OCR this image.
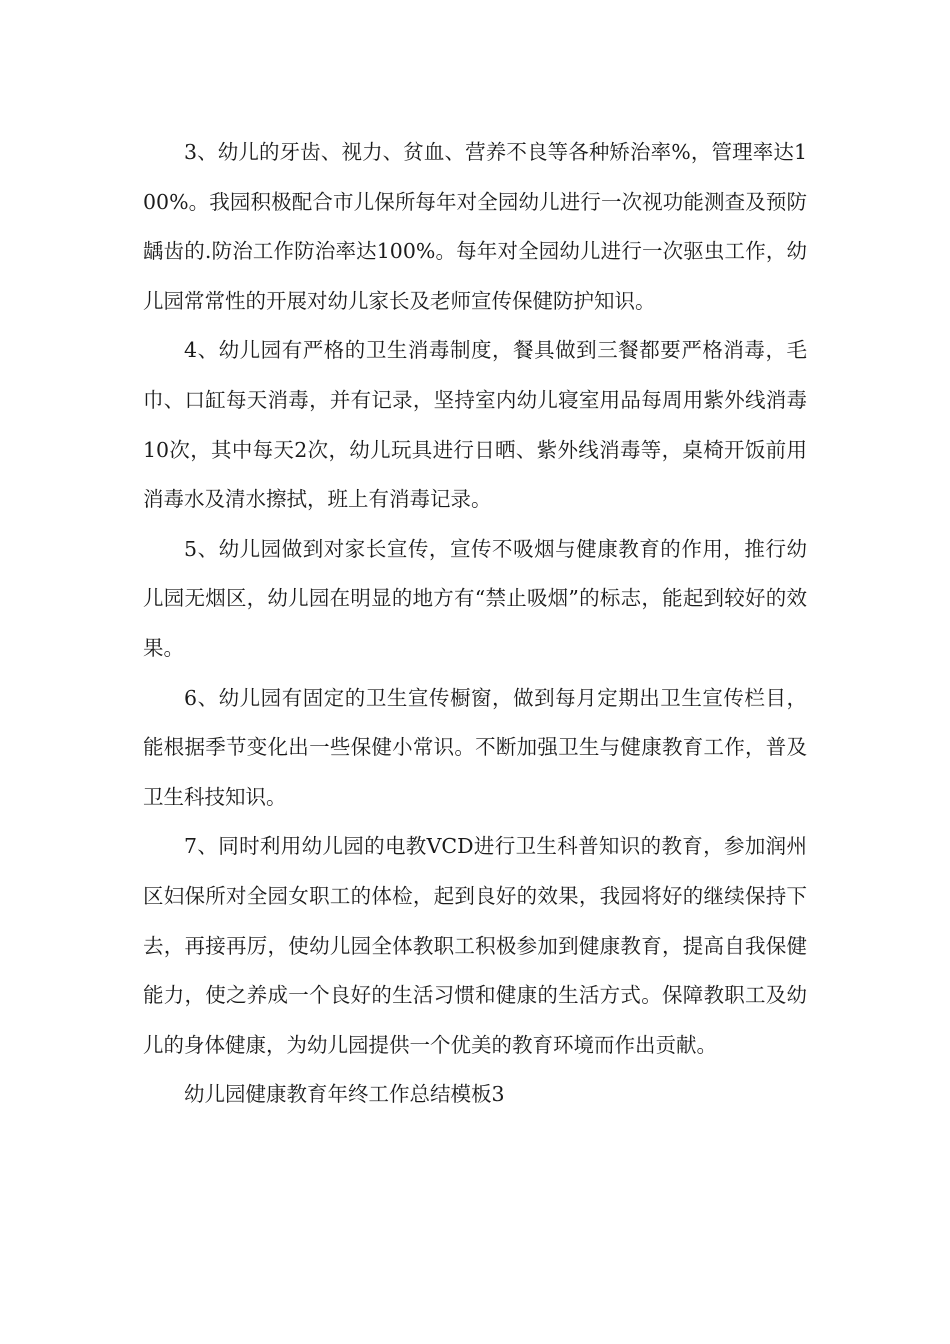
3、幼儿的牙齿、视力、贫血、营养不良等各种矫治率%，管理率达100%。我园积极配合市儿保所每年对全园幼儿进行一次视功能测查及预防龋齿的.防治工作防治率达100%。每年对全园幼儿进行一次驱虫工作，幼儿园常常性的开展对幼儿家长及老师宣传保健防护知识。

4、幼儿园有严格的卫生消毒制度，餐具做到三餐都要严格消毒，毛巾、口缸每天消毒，并有记录，坚持室内幼儿寝室用品每周用紫外线消毒10次，其中每天2次，幼儿玩具进行日晒、紫外线消毒等，桌椅开饭前用消毒水及清水擦拭，班上有消毒记录。

5、幼儿园做到对家长宣传，宣传不吸烟与健康教育的作用，推行幼儿园无烟区，幼儿园在明显的地方有“禁止吸烟”的标志，能起到较好的效果。

6、幼儿园有固定的卫生宣传橱窗，做到每月定期出卫生宣传栏目，能根据季节变化出一些保健小常识。不断加强卫生与健康教育工作，普及卫生科技知识。

7、同时利用幼儿园的电教VCD进行卫生科普知识的教育，参加润州区妇保所对全园女职工的体检，起到良好的效果，我园将好的继续保持下去，再接再厉，使幼儿园全体教职工积极参加到健康教育，提高自我保健能力，使之养成一个良好的生活习惯和健康的生活方式。保障教职工及幼儿的身体健康，为幼儿园提供一个优美的教育环境而作出贡献。

幼儿园健康教育年终工作总结模板3
